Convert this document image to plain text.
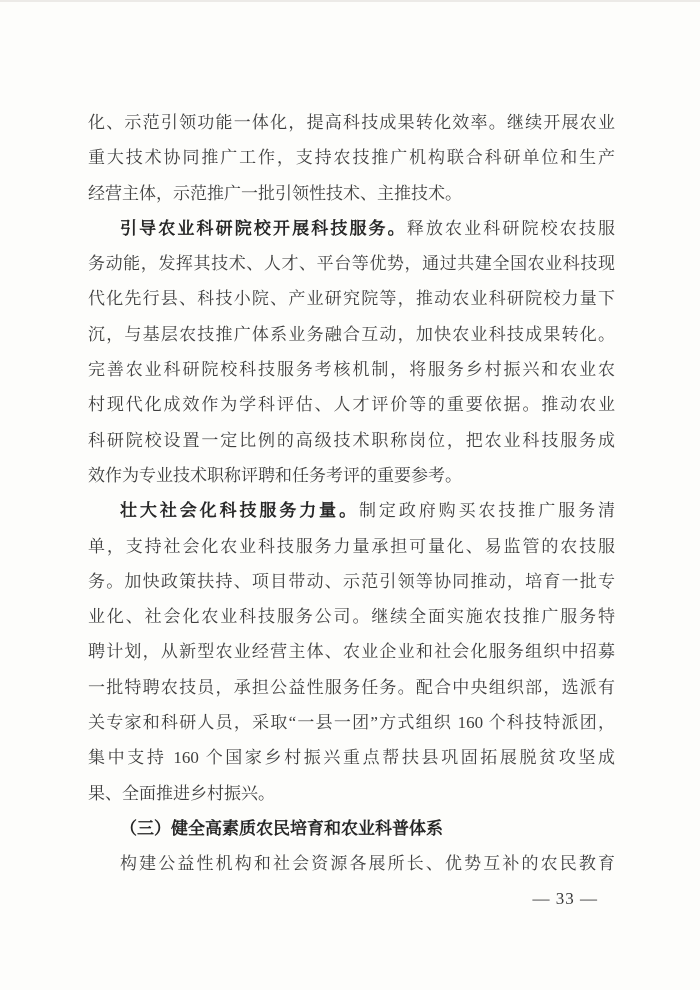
化、示范引领功能一体化，提高科技成果转化效率。继续开展农业
重大技术协同推广工作，支持农技推广机构联合科研单位和生产
经营主体，示范推广一批引领性技术、主推技术。
引导农业科研院校开展科技服务。释放农业科研院校农技服
务动能，发挥其技术、人才、平台等优势，通过共建全国农业科技现
代化先行县、科技小院、产业研究院等，推动农业科研院校力量下
沉，与基层农技推广体系业务融合互动，加快农业科技成果转化。
完善农业科研院校科技服务考核机制，将服务乡村振兴和农业农
村现代化成效作为学科评估、人才评价等的重要依据。推动农业
科研院校设置一定比例的高级技术职称岗位，把农业科技服务成
效作为专业技术职称评聘和任务考评的重要参考。
壮大社会化科技服务力量。制定政府购买农技推广服务清
单，支持社会化农业科技服务力量承担可量化、易监管的农技服
务。加快政策扶持、项目带动、示范引领等协同推动，培育一批专
业化、社会化农业科技服务公司。继续全面实施农技推广服务特
聘计划，从新型农业经营主体、农业企业和社会化服务组织中招募
一批特聘农技员，承担公益性服务任务。配合中央组织部，选派有
关专家和科研人员，采取“一县一团”方式组织 160 个科技特派团，
集中支持 160 个国家乡村振兴重点帮扶县巩固拓展脱贫攻坚成
果、全面推进乡村振兴。
（三）健全高素质农民培育和农业科普体系
构建公益性机构和社会资源各展所长、优势互补的农民教育
— 33 —
